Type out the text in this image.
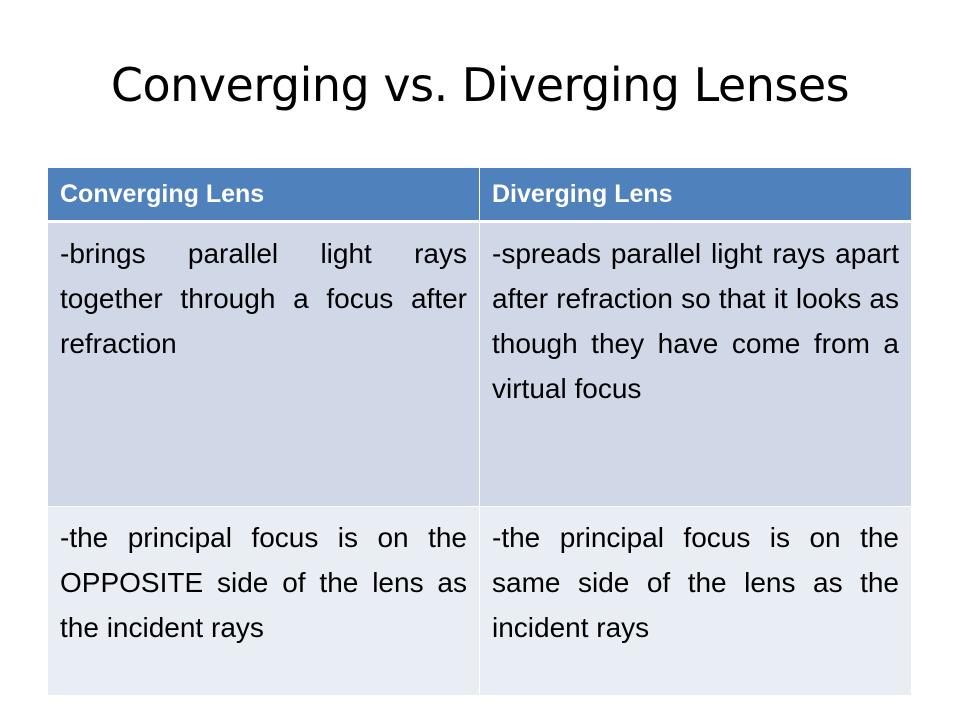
Converging vs. Diverging Lenses
Converging Lens	Diverging Lens
-brings parallel light rays together through a focus after refraction	-spreads parallel light rays apart after refraction so that it looks as though they have come from a virtual focus
-the principal focus is on the OPPOSITE side of the lens as the incident rays	-the principal focus is on the same side of the lens as the incident rays
